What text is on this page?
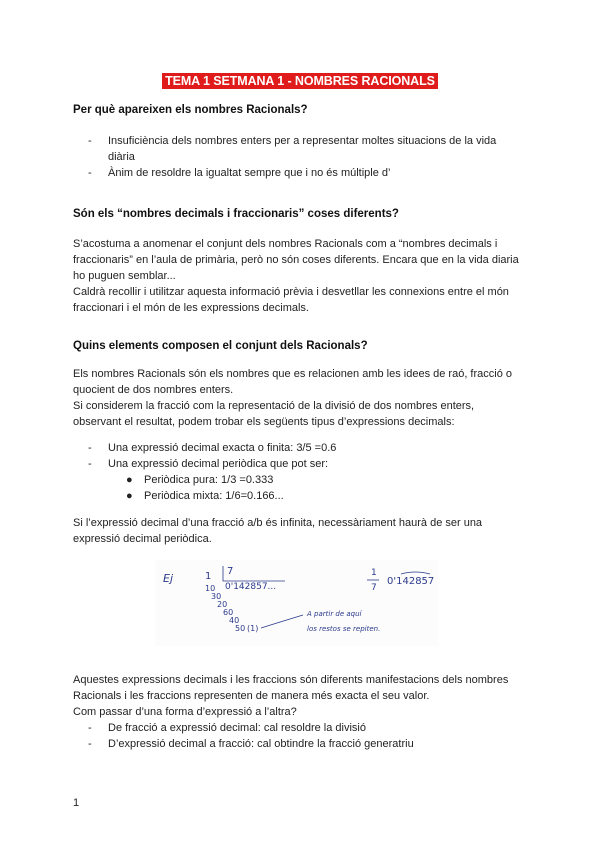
TEMA 1 SETMANA 1 - NOMBRES RACIONALS
Per què apareixen els nombres Racionals?
- Insuficiència dels nombres enters per a representar moltes situacions de la vida
diària
- Ànim de resoldre la igualtat sempre que i no és múltiple d’
Són els “nombres decimals i fraccionaris” coses diferents?
S’acostuma a anomenar el conjunt dels nombres Racionals com a “nombres decimals i
fraccionaris” en l’aula de primària, però no són coses diferents. Encara que en la vida diaria
ho puguen semblar...
Caldrà recollir i utilitzar aquesta informació prèvia i desvetllar les connexions entre el món
fraccionari i el món de les expressions decimals.
Quins elements composen el conjunt dels Racionals?
Els nombres Racionals són els nombres que es relacionen amb les idees de raó, fracció o
quocient de dos nombres enters.
Si considerem la fracció com la representació de la divisió de dos nombres enters,
observant el resultat, podem trobar els següents tipus d’expressions decimals:
- Una expressió decimal exacta o finita: 3/5 =0.6
- Una expressió decimal periòdica que pot ser:
● Periòdica pura: 1/3 =0.333
● Periòdica mixta: 1/6=0.166...
Si l’expressió decimal d’una fracció a/b és infinita, necessàriament haurà de ser una
expressió decimal periòdica.
Ej	1 7
0'142857...
10
30
20
60
40
50 (1)
1
7
0'142857
A partir de aquí
los restos se repiten.
Aquestes expressions decimals i les fraccions són diferents manifestacions dels nombres
Racionals i les fraccions representen de manera més exacta el seu valor.
Com passar d’una forma d’expressió a l’altra?
- De fracció a expressió decimal: cal resoldre la divisió
- D’expressió decimal a fracció: cal obtindre la fracció generatriu
1
